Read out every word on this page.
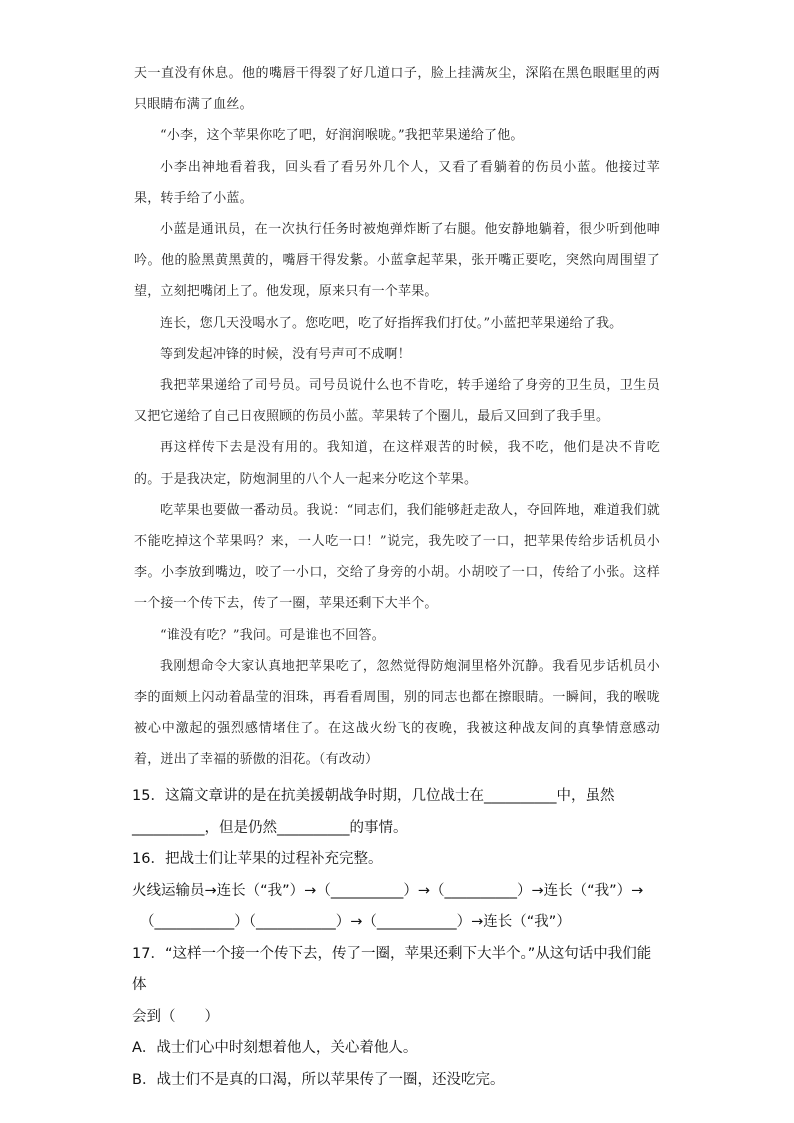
天一直没有休息。他的嘴唇干得裂了好几道口子，脸上挂满灰尘，深陷在黑色眼眶里的两只眼睛布满了血丝。

“小李，这个苹果你吃了吧，好润润喉咙。”我把苹果递给了他。

小李出神地看着我，回头看了看另外几个人，又看了看躺着的伤员小蓝。他接过苹果，转手给了小蓝。

小蓝是通讯员，在一次执行任务时被炮弹炸断了右腿。他安静地躺着，很少听到他呻吟。他的脸黑黄黑黄的，嘴唇干得发紫。小蓝拿起苹果，张开嘴正要吃，突然向周围望了望，立刻把嘴闭上了。他发现，原来只有一个苹果。

连长，您几天没喝水了。您吃吧，吃了好指挥我们打仗。”小蓝把苹果递给了我。

等到发起冲锋的时候，没有号声可不成啊！

我把苹果递给了司号员。司号员说什么也不肯吃，转手递给了身旁的卫生员，卫生员又把它递给了自己日夜照顾的伤员小蓝。苹果转了个圈儿，最后又回到了我手里。

再这样传下去是没有用的。我知道，在这样艰苦的时候，我不吃，他们是决不肯吃的。于是我决定，防炮洞里的八个人一起来分吃这个苹果。

吃苹果也要做一番动员。我说：“同志们，我们能够赶走敌人，夺回阵地，难道我们就不能吃掉这个苹果吗？来，一人吃一口！”说完，我先咬了一口，把苹果传给步话机员小李。小李放到嘴边，咬了一小口，交给了身旁的小胡。小胡咬了一口，传给了小张。这样一个接一个传下去，传了一圈，苹果还剩下大半个。

“谁没有吃？”我问。可是谁也不回答。

我刚想命令大家认真地把苹果吃了，忽然觉得防炮洞里格外沉静。我看见步话机员小李的面颊上闪动着晶莹的泪珠，再看看周围，别的同志也都在擦眼睛。一瞬间，我的喉咙被心中激起的强烈感情堵住了。在这战火纷飞的夜晚，我被这种战友间的真挚情意感动着，迸出了幸福的骄傲的泪花。（有改动）

15．这篇文章讲的是在抗美援朝战争时期，几位战士在__________中，虽然

__________，但是仍然__________的事情。

16．把战士们让苹果的过程补充完整。

火线运输员→连长（“我”）→（__________）→（__________）→连长（“我”）→

（___________）（___________）→（___________）→连长（“我”）

17．“这样一个接一个传下去，传了一圈，苹果还剩下大半个。”从这句话中我们能体

会到（　　）

A．战士们心中时刻想着他人，关心着他人。

B．战士们不是真的口渴，所以苹果传了一圈，还没吃完。
